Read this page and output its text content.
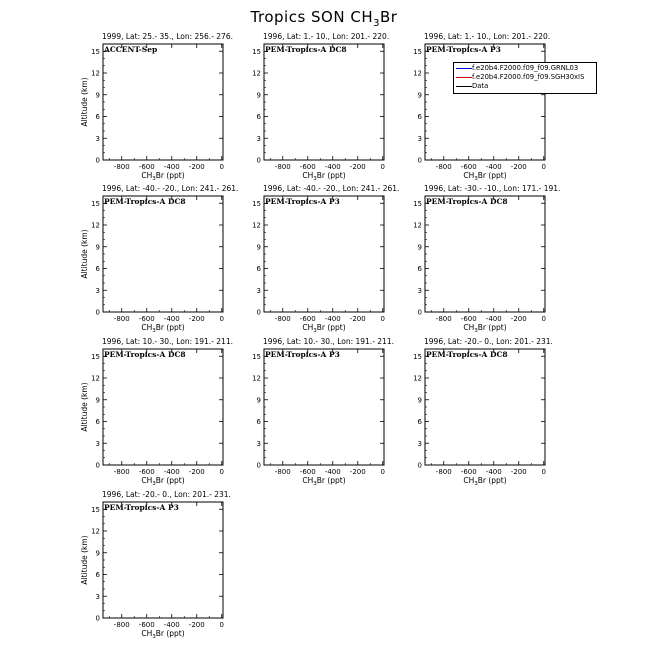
Tropics SON $CH_3Br$
-800 -600 -400 -200 0
0
3
6
9
12
15
$CH_3Br$ (ppt)
Altitude (km)
-800 -600 -400 -200 0
0
3
6
9
12
15
$CH_3Br$ (ppt)
-800 -600 -400 -200 0
0
3
6
9
12
15
$CH_3Br$ (ppt)
-800 -600 -400 -200 0
0
3
6
9
12
15
$CH_3Br$ (ppt)
Altitude (km)
-800 -600 -400 -200 0
0
3
6
9
12
15
$CH_3Br$ (ppt)
-800 -600 -400 -200 0
0
3
6
9
12
15
$CH_3Br$ (ppt)
-800 -600 -400 -200 0
0
3
6
9
12
15
$CH_3Br$ (ppt)
Altitude (km)
-800 -600 -400 -200 0
0
3
6
9
12
15
$CH_3Br$ (ppt)
-800 -600 -400 -200 0
0
3
6
9
12
15
$CH_3Br$ (ppt)
-800 -600 -400 -200 0
0
3
6
9
12
15
$CH_3Br$ (ppt)
Altitude (km)
1999, Lat: 25.- 35., Lon: 256.- 276.
ACCENT-Sep
1996, Lat: 1.- 10., Lon: 201.- 220.
PEM-Tropics-A DC8
1996, Lat: 1.- 10., Lon: 201.- 220.
PEM-Tropics-A P3
1996, Lat: -40.- -20., Lon: 241.- 261.
PEM-Tropics-A DC8
1996, Lat: -40.- -20., Lon: 241.- 261.
PEM-Tropics-A P3
1996, Lat: -30.- -10., Lon: 171.- 191.
PEM-Tropics-A DC8
1996, Lat: 10.- 30., Lon: 191.- 211.
PEM-Tropics-A DC8
1996, Lat: 10.- 30., Lon: 191.- 211.
PEM-Tropics-A P3
1996, Lat: -20.- 0., Lon: 201.- 231.
PEM-Tropics-A DC8
1996, Lat: -20.- 0., Lon: 201.- 231.
PEM-Tropics-A P3
f.e20b4.F2000.f09_f09.GRNL03
f.e20b4.F2000.f09_f09.SGH30xIS
Data
